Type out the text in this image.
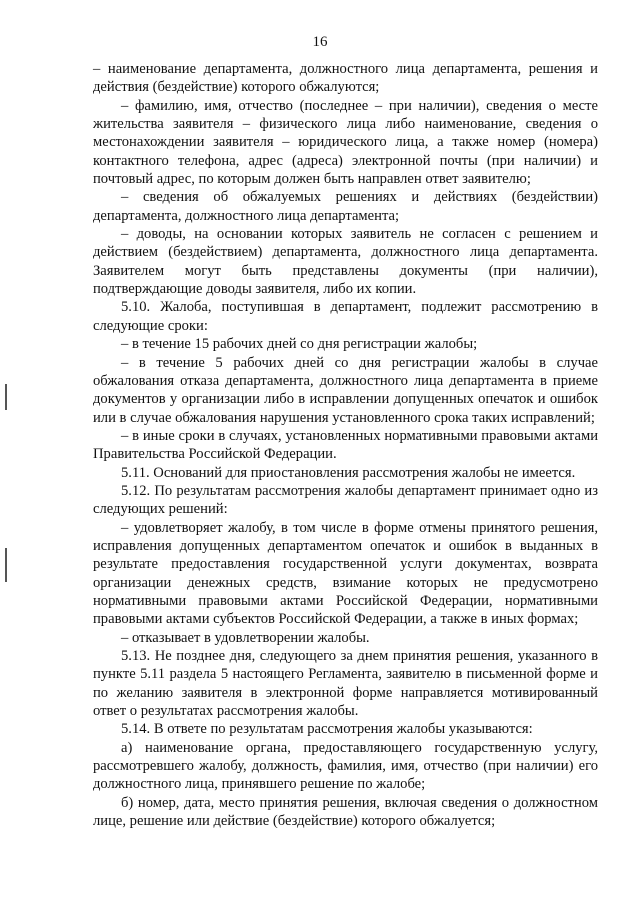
16

– наименование департамента, должностного лица департамента, решения и действия (бездействие) которого обжалуются;

– фамилию, имя, отчество (последнее – при наличии), сведения о месте жительства заявителя – физического лица либо наименование, сведения о местонахождении заявителя – юридического лица, а также номер (номера) контактного телефона, адрес (адреса) электронной почты (при наличии) и почтовый адрес, по которым должен быть направлен ответ заявителю;

– сведения об обжалуемых решениях и действиях (бездействии) департамента, должностного лица департамента;

– доводы, на основании которых заявитель не согласен с решением и действием (бездействием) департамента, должностного лица департамента. Заявителем могут быть представлены документы (при наличии), подтверждающие доводы заявителя, либо их копии.

5.10. Жалоба, поступившая в департамент, подлежит рассмотрению в следующие сроки:

– в течение 15 рабочих дней со дня регистрации жалобы;

– в течение 5 рабочих дней со дня регистрации жалобы в случае обжалования отказа департамента, должностного лица департамента в приеме документов у организации либо в исправлении допущенных опечаток и ошибок или в случае обжалования нарушения установленного срока таких исправлений;

– в иные сроки в случаях, установленных нормативными правовыми актами Правительства Российской Федерации.

5.11. Оснований для приостановления рассмотрения жалобы не имеется.

5.12. По результатам рассмотрения жалобы департамент принимает одно из следующих решений:

– удовлетворяет жалобу, в том числе в форме отмены принятого решения, исправления допущенных департаментом опечаток и ошибок в выданных в результате предоставления государственной услуги документах, возврата организации денежных средств, взимание которых не предусмотрено нормативными правовыми актами Российской Федерации, нормативными правовыми актами субъектов Российской Федерации, а также в иных формах;

– отказывает в удовлетворении жалобы.

5.13. Не позднее дня, следующего за днем принятия решения, указанного в пункте 5.11 раздела 5 настоящего Регламента, заявителю в письменной форме и по желанию заявителя в электронной форме направляется мотивированный ответ о результатах рассмотрения жалобы.

5.14. В ответе по результатам рассмотрения жалобы указываются:

а) наименование органа, предоставляющего государственную услугу, рассмотревшего жалобу, должность, фамилия, имя, отчество (при наличии) его должностного лица, принявшего решение по жалобе;

б) номер, дата, место принятия решения, включая сведения о должностном лице, решение или действие (бездействие) которого обжалуется;
